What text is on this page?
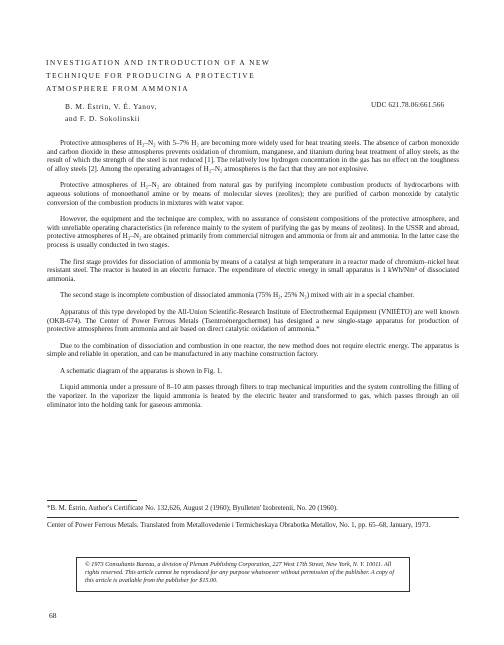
INVESTIGATION AND INTRODUCTION OF A NEW
TECHNIQUE FOR PRODUCING A PROTECTIVE
ATMOSPHERE FROM AMMONIA
B. M. Ėstrin, V. É. Yanov,
and F. D. Sokolinskii
UDC 621.78.06:661.566

Protective atmospheres of H₂–N₂ with 5–7% H₂ are becoming more widely used for heat treating steels. The absence of carbon monoxide and carbon dioxide in these atmospheres prevents oxidation of chromium, manganese, and titanium during heat treatment of alloy steels, as the result of which the strength of the steel is not reduced [1]. The relatively low hydrogen concentration in the gas has no effect on the toughness of alloy steels [2]. Among the operating advantages of H₂–N₂ atmospheres is the fact that they are not explosive.

Protective atmospheres of H₂–N₂ are obtained from natural gas by purifying incomplete combustion products of hydrocarbons with aqueous solutions of monoethanol amine or by means of molecular sieves (zeolites); they are purified of carbon monoxide by catalytic conversion of the combustion products in mixtures with water vapor.

However, the equipment and the technique are complex, with no assurance of consistent compositions of the protective atmosphere, and with unreliable operating characteristics (in reference mainly to the system of purifying the gas by means of zeolites). In the USSR and abroad, protective atmospheres of H₂–N₂ are obtained primarily from commercial nitrogen and ammonia or from air and ammonia. In the latter case the process is usually conducted in two stages.

The first stage provides for dissociation of ammonia by means of a catalyst at high temperature in a reactor made of chromium–nickel heat resistant steel. The reactor is heated in an electric furnace. The expenditure of electric energy in small apparatus is 1 kWh/Nm³ of dissociated ammonia.

The second stage is incomplete combustion of dissociated ammonia (75% H₂, 25% N₂) mixed with air in a special chamber.

Apparatus of this type developed by the All-Union Scientific-Research Institute of Electrothermal Equipment (VNIIĖTO) are well known (OKB-674). The Center of Power Ferrous Metals (Tsentroėnergochermet) has designed a new single-stage apparatus for production of protective atmospheres from ammonia and air based on direct catalytic oxidation of ammonia.*

Due to the combination of dissociation and combustion in one reactor, the new method does not require electric energy. The apparatus is simple and reliable in operation, and can be manufactured in any machine construction factory.

A schematic diagram of the apparatus is shown in Fig. 1.

Liquid ammonia under a pressure of 8–10 atm passes through filters to trap mechanical impurities and the system controlling the filling of the vaporizer. In the vaporizer the liquid ammonia is heated by the electric heater and transformed to gas, which passes through an oil eliminator into the holding tank for gaseous ammonia.

*B. M. Ėstrin, Author's Certificate No. 132,626, August 2 (1960); Byulleten' Izobretenii, No. 20 (1960).
Center of Power Ferrous Metals. Translated from Metallovedenie i Termicheskaya Obrabotka Metallov, No. 1, pp. 65–68, January, 1973.
© 1973 Consultants Bureau, a division of Plenum Publishing Corporation, 227 West 17th Street, New York, N. Y. 10011. All rights reserved. This article cannot be reproduced for any purpose whatsoever without permission of the publisher. A copy of this article is available from the publisher for $15.00.
68
